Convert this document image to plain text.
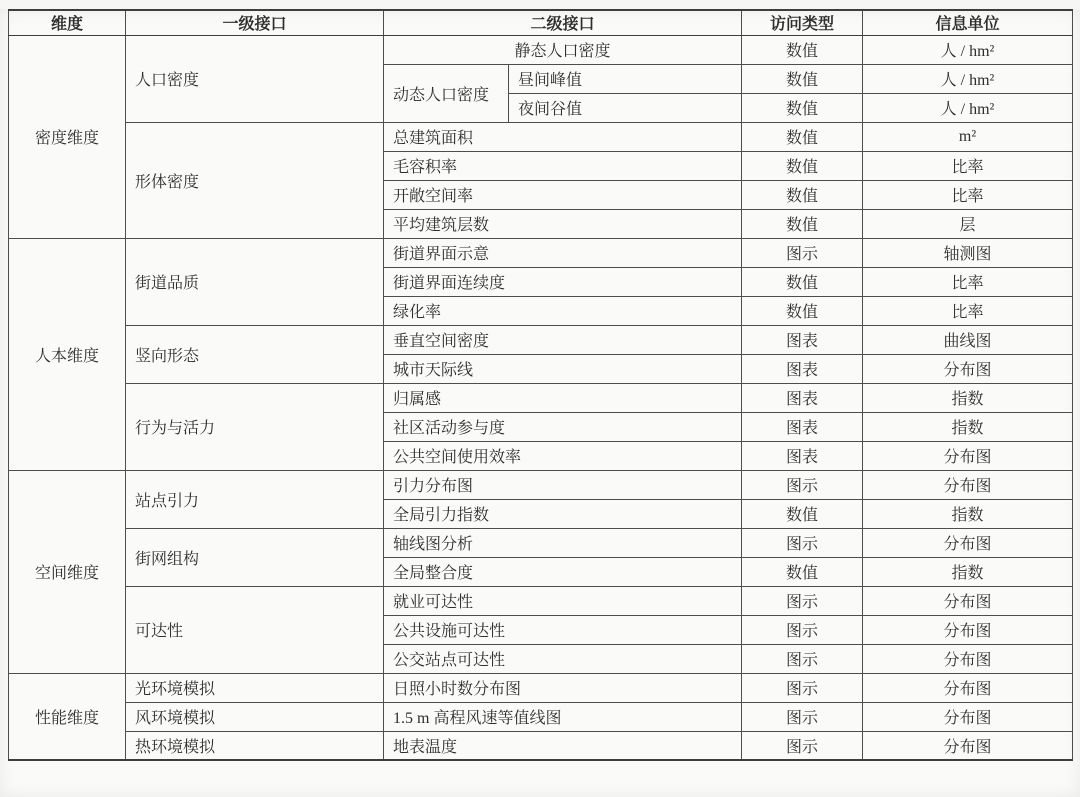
维度	一级接口	二级接口		访问类型	信息单位
密度维度	人口密度	静态人口密度		数值	人 / hm²
		动态人口密度	昼间峰值	数值	人 / hm²
			夜间谷值	数值	人 / hm²
	形体密度	总建筑面积		数值	m²
		毛容积率		数值	比率
		开敞空间率		数值	比率
		平均建筑层数		数值	层
人本维度	街道品质	街道界面示意		图示	轴测图
		街道界面连续度		数值	比率
		绿化率		数值	比率
	竖向形态	垂直空间密度		图表	曲线图
		城市天际线		图表	分布图
	行为与活力	归属感		图表	指数
		社区活动参与度		图表	指数
		公共空间使用效率		图表	分布图
空间维度	站点引力	引力分布图		图示	分布图
		全局引力指数		数值	指数
	街网组构	轴线图分析		图示	分布图
		全局整合度		数值	指数
	可达性	就业可达性		图示	分布图
		公共设施可达性		图示	分布图
		公交站点可达性		图示	分布图
性能维度	光环境模拟	日照小时数分布图		图示	分布图
	风环境模拟	1.5 m 高程风速等值线图		图示	分布图
	热环境模拟	地表温度		图示	分布图
